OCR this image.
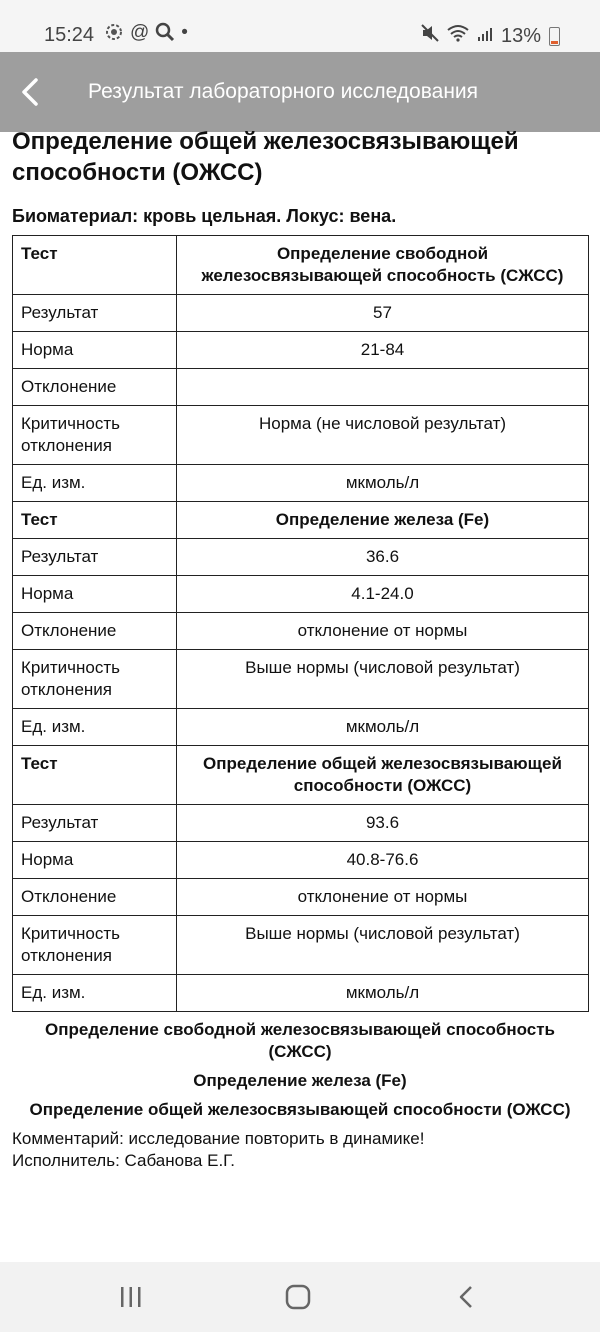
15:24 @ •	13%
Результат лабораторного исследования
Определение общей железосвязывающей способности (ОЖСС)
Биоматериал: кровь цельная. Локус: вена.
Тест	Определение свободной железосвязывающей способность (СЖСС)
Результат	57
Норма	21-84
Отклонение	
Критичность отклонения	Норма (не числовой результат)
Ед. изм.	мкмоль/л
Тест	Определение железа (Fe)
Результат	36.6
Норма	4.1-24.0
Отклонение	отклонение от нормы
Критичность отклонения	Выше нормы (числовой результат)
Ед. изм.	мкмоль/л
Тест	Определение общей железосвязывающей способности (ОЖСС)
Результат	93.6
Норма	40.8-76.6
Отклонение	отклонение от нормы
Критичность отклонения	Выше нормы (числовой результат)
Ед. изм.	мкмоль/л
Определение свободной железосвязывающей способность (СЖСС)
Определение железа (Fe)
Определение общей железосвязывающей способности (ОЖСС)
Комментарий: исследование повторить в динамике!
Исполнитель: Сабанова Е.Г.
